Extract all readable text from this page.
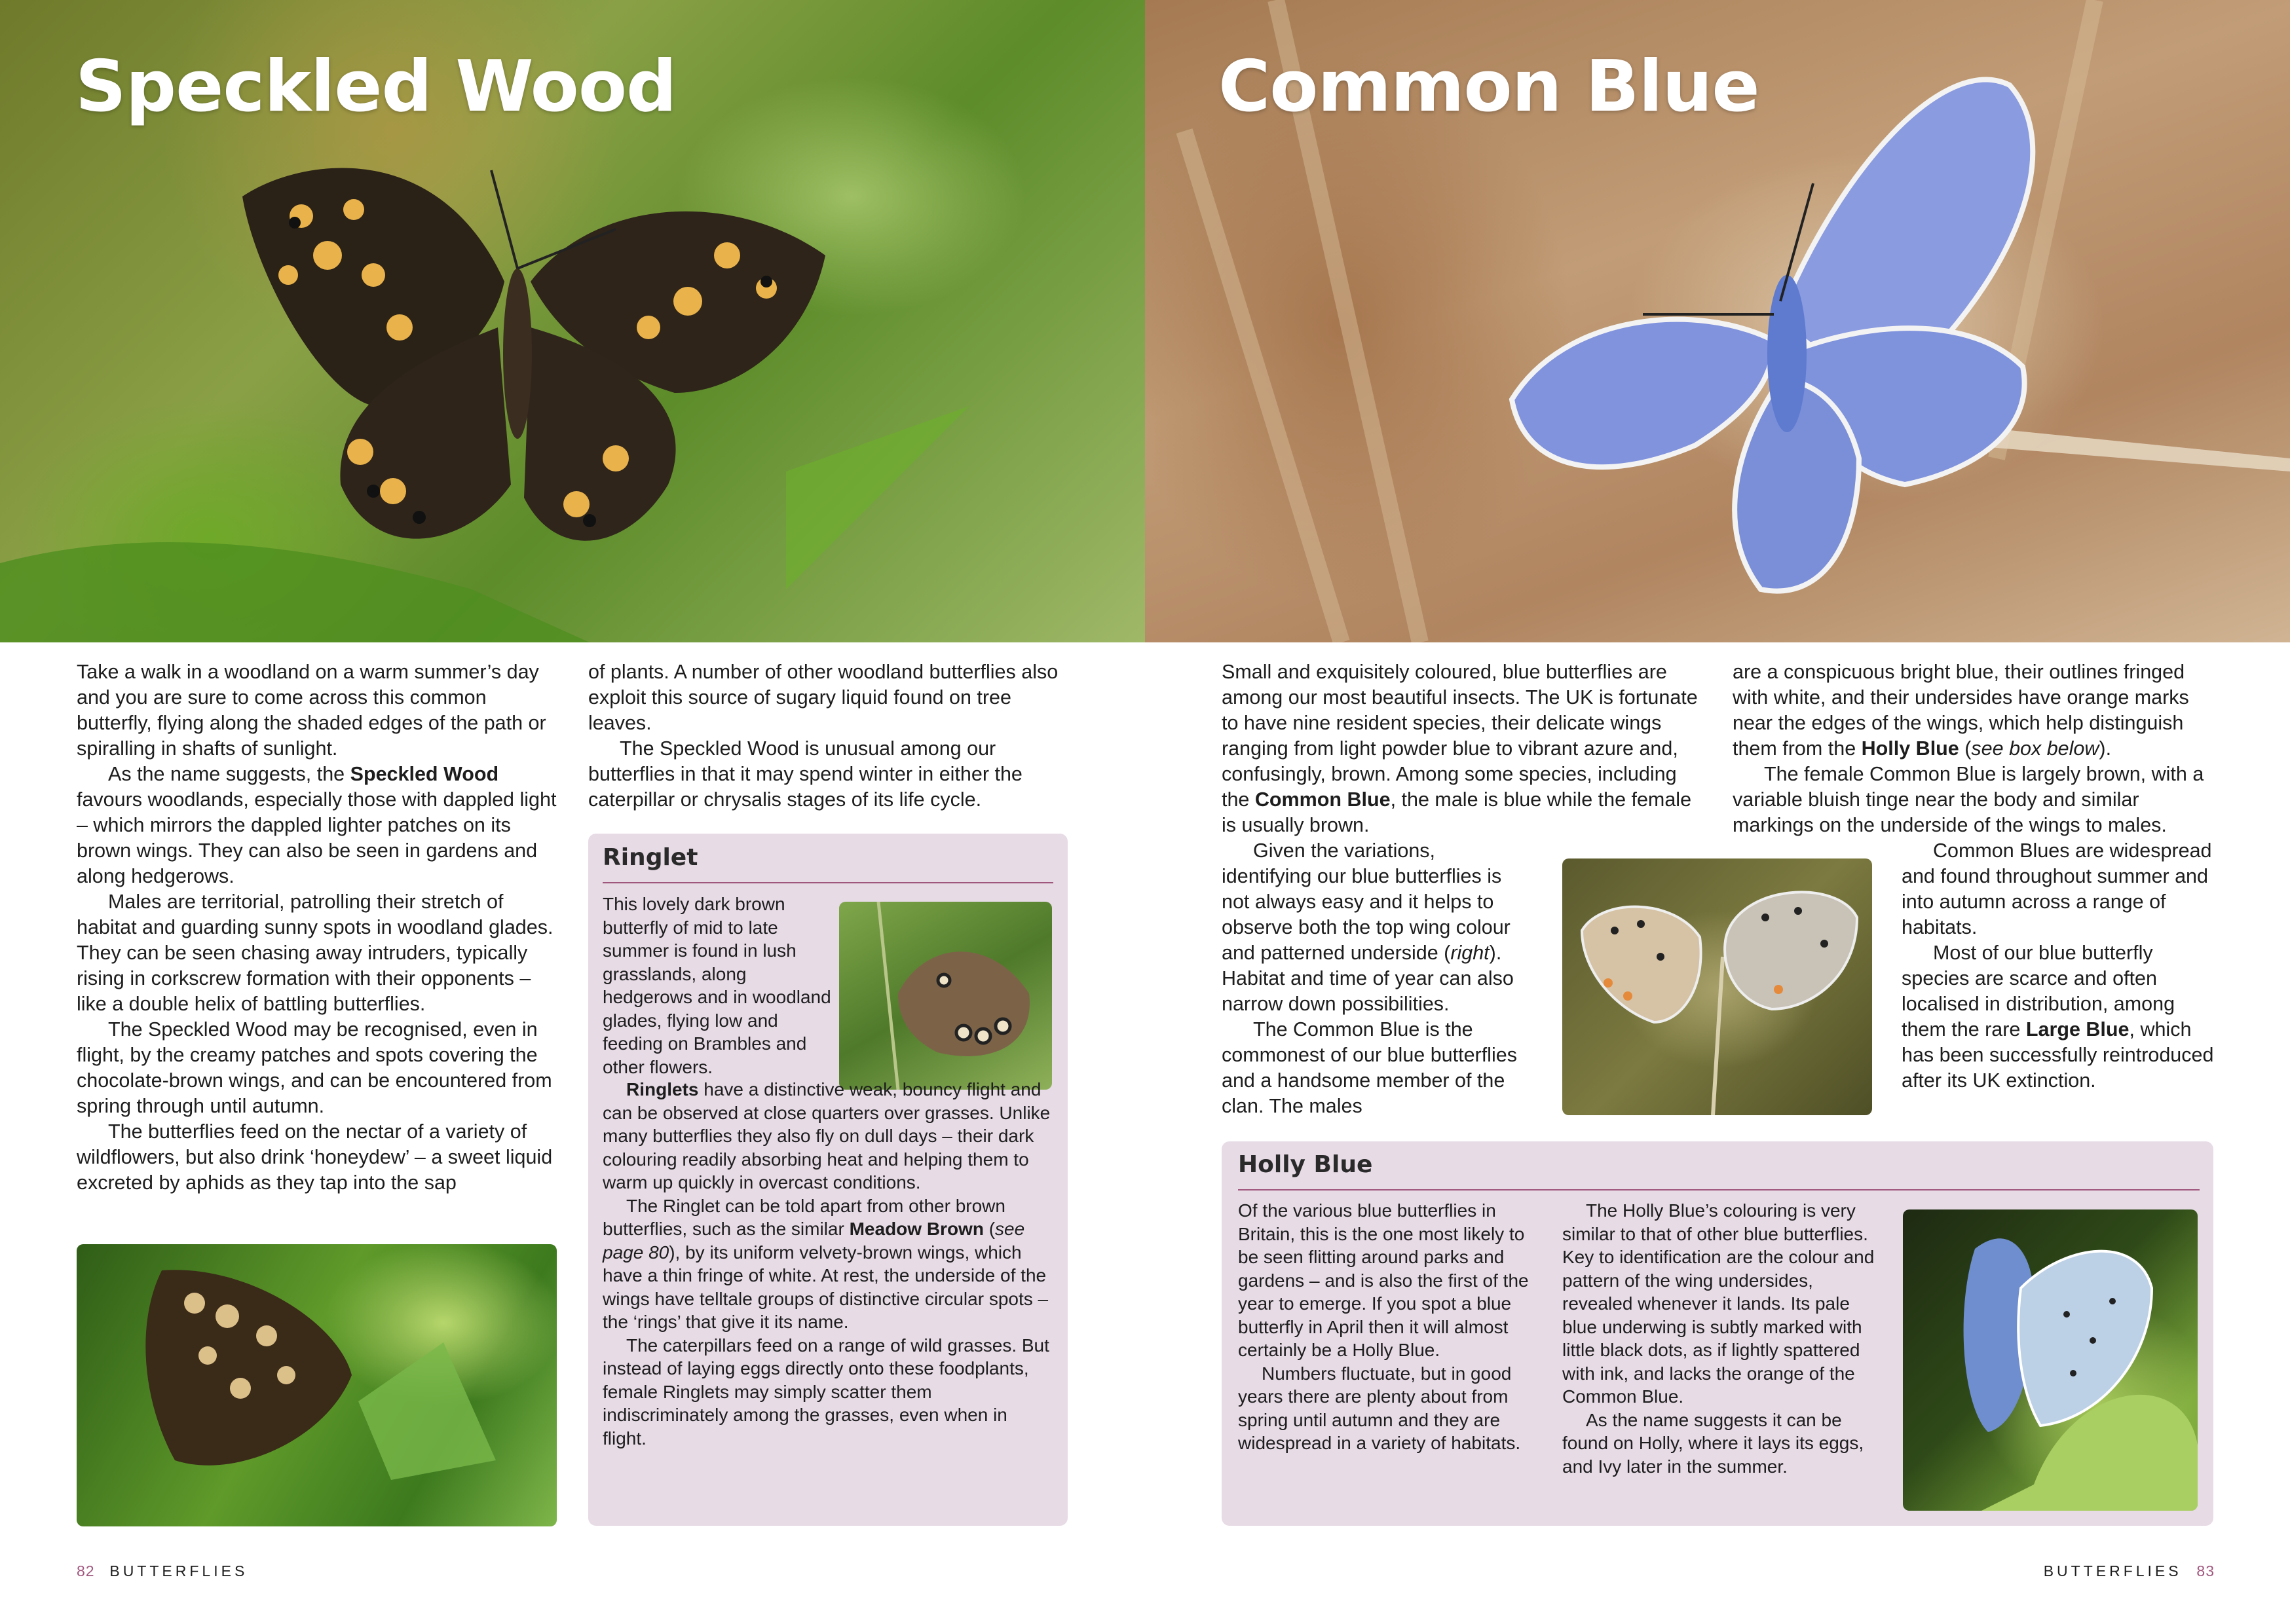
Speckled Wood	Common Blue

Take a walk in a woodland on a warm summer’s day and you are sure to come across this common butterfly, flying along the shaded edges of the path or spiralling in shafts of sunlight.

As the name suggests, the Speckled Wood favours woodlands, especially those with dappled light – which mirrors the dappled lighter patches on its brown wings. They can also be seen in gardens and along hedgerows.

Males are territorial, patrolling their stretch of habitat and guarding sunny spots in woodland glades. They can be seen chasing away intruders, typically rising in corkscrew formation with their opponents – like a double helix of battling butterflies.

The Speckled Wood may be recognised, even in flight, by the creamy patches and spots covering the chocolate-brown wings, and can be encountered from spring through until autumn.

The butterflies feed on the nectar of a variety of wildflowers, but also drink ‘honeydew’ – a sweet liquid excreted by aphids as they tap into the sap

of plants. A number of other woodland butterflies also exploit this source of sugary liquid found on tree leaves.

The Speckled Wood is unusual among our butterflies in that it may spend winter in either the caterpillar or chrysalis stages of its life cycle.

Ringlet

This lovely dark brown butterfly of mid to late summer is found in lush grasslands, along hedgerows and in woodland glades, flying low and feeding on Brambles and other flowers.

Ringlets have a distinctive weak, bouncy flight and can be observed at close quarters over grasses. Unlike many butterflies they also fly on dull days – their dark colouring readily absorbing heat and helping them to warm up quickly in overcast conditions.

The Ringlet can be told apart from other brown butterflies, such as the similar Meadow Brown (see page 80), by its uniform velvety-brown wings, which have a thin fringe of white. At rest, the underside of the wings have telltale groups of distinctive circular spots – the ‘rings’ that give it its name.

The caterpillars feed on a range of wild grasses. But instead of laying eggs directly onto these foodplants, female Ringlets may simply scatter them indiscriminately among the grasses, even when in flight.

Small and exquisitely coloured, blue butterflies are among our most beautiful insects. The UK is fortunate to have nine resident species, their delicate wings ranging from light powder blue to vibrant azure and, confusingly, brown. Among some species, including the Common Blue, the male is blue while the female is usually brown.

Given the variations, identifying our blue butterflies is not always easy and it helps to observe both the top wing colour and patterned underside (right). Habitat and time of year can also narrow down possibilities.

The Common Blue is the commonest of our blue butterflies and a handsome member of the clan. The males

are a conspicuous bright blue, their outlines fringed with white, and their undersides have orange marks near the edges of the wings, which help distinguish them from the Holly Blue (see box below).

The female Common Blue is largely brown, with a variable bluish tinge near the body and similar markings on the underside of the wings to males.

Common Blues are widespread and found throughout summer and into autumn across a range of habitats.

Most of our blue butterfly species are scarce and often localised in distribution, among them the rare Large Blue, which has been successfully reintroduced after its UK extinction.

Holly Blue

Of the various blue butterflies in Britain, this is the one most likely to be seen flitting around parks and gardens – and is also the first of the year to emerge. If you spot a blue butterfly in April then it will almost certainly be a Holly Blue.

Numbers fluctuate, but in good years there are plenty about from spring until autumn and they are widespread in a variety of habitats.

The Holly Blue’s colouring is very similar to that of other blue butterflies. Key to identification are the colour and pattern of the wing undersides, revealed whenever it lands. Its pale blue underwing is subtly marked with little black dots, as if lightly spattered with ink, and lacks the orange of the Common Blue.

As the name suggests it can be found on Holly, where it lays its eggs, and Ivy later in the summer.

82 BUTTERFLIES	BUTTERFLIES 83
